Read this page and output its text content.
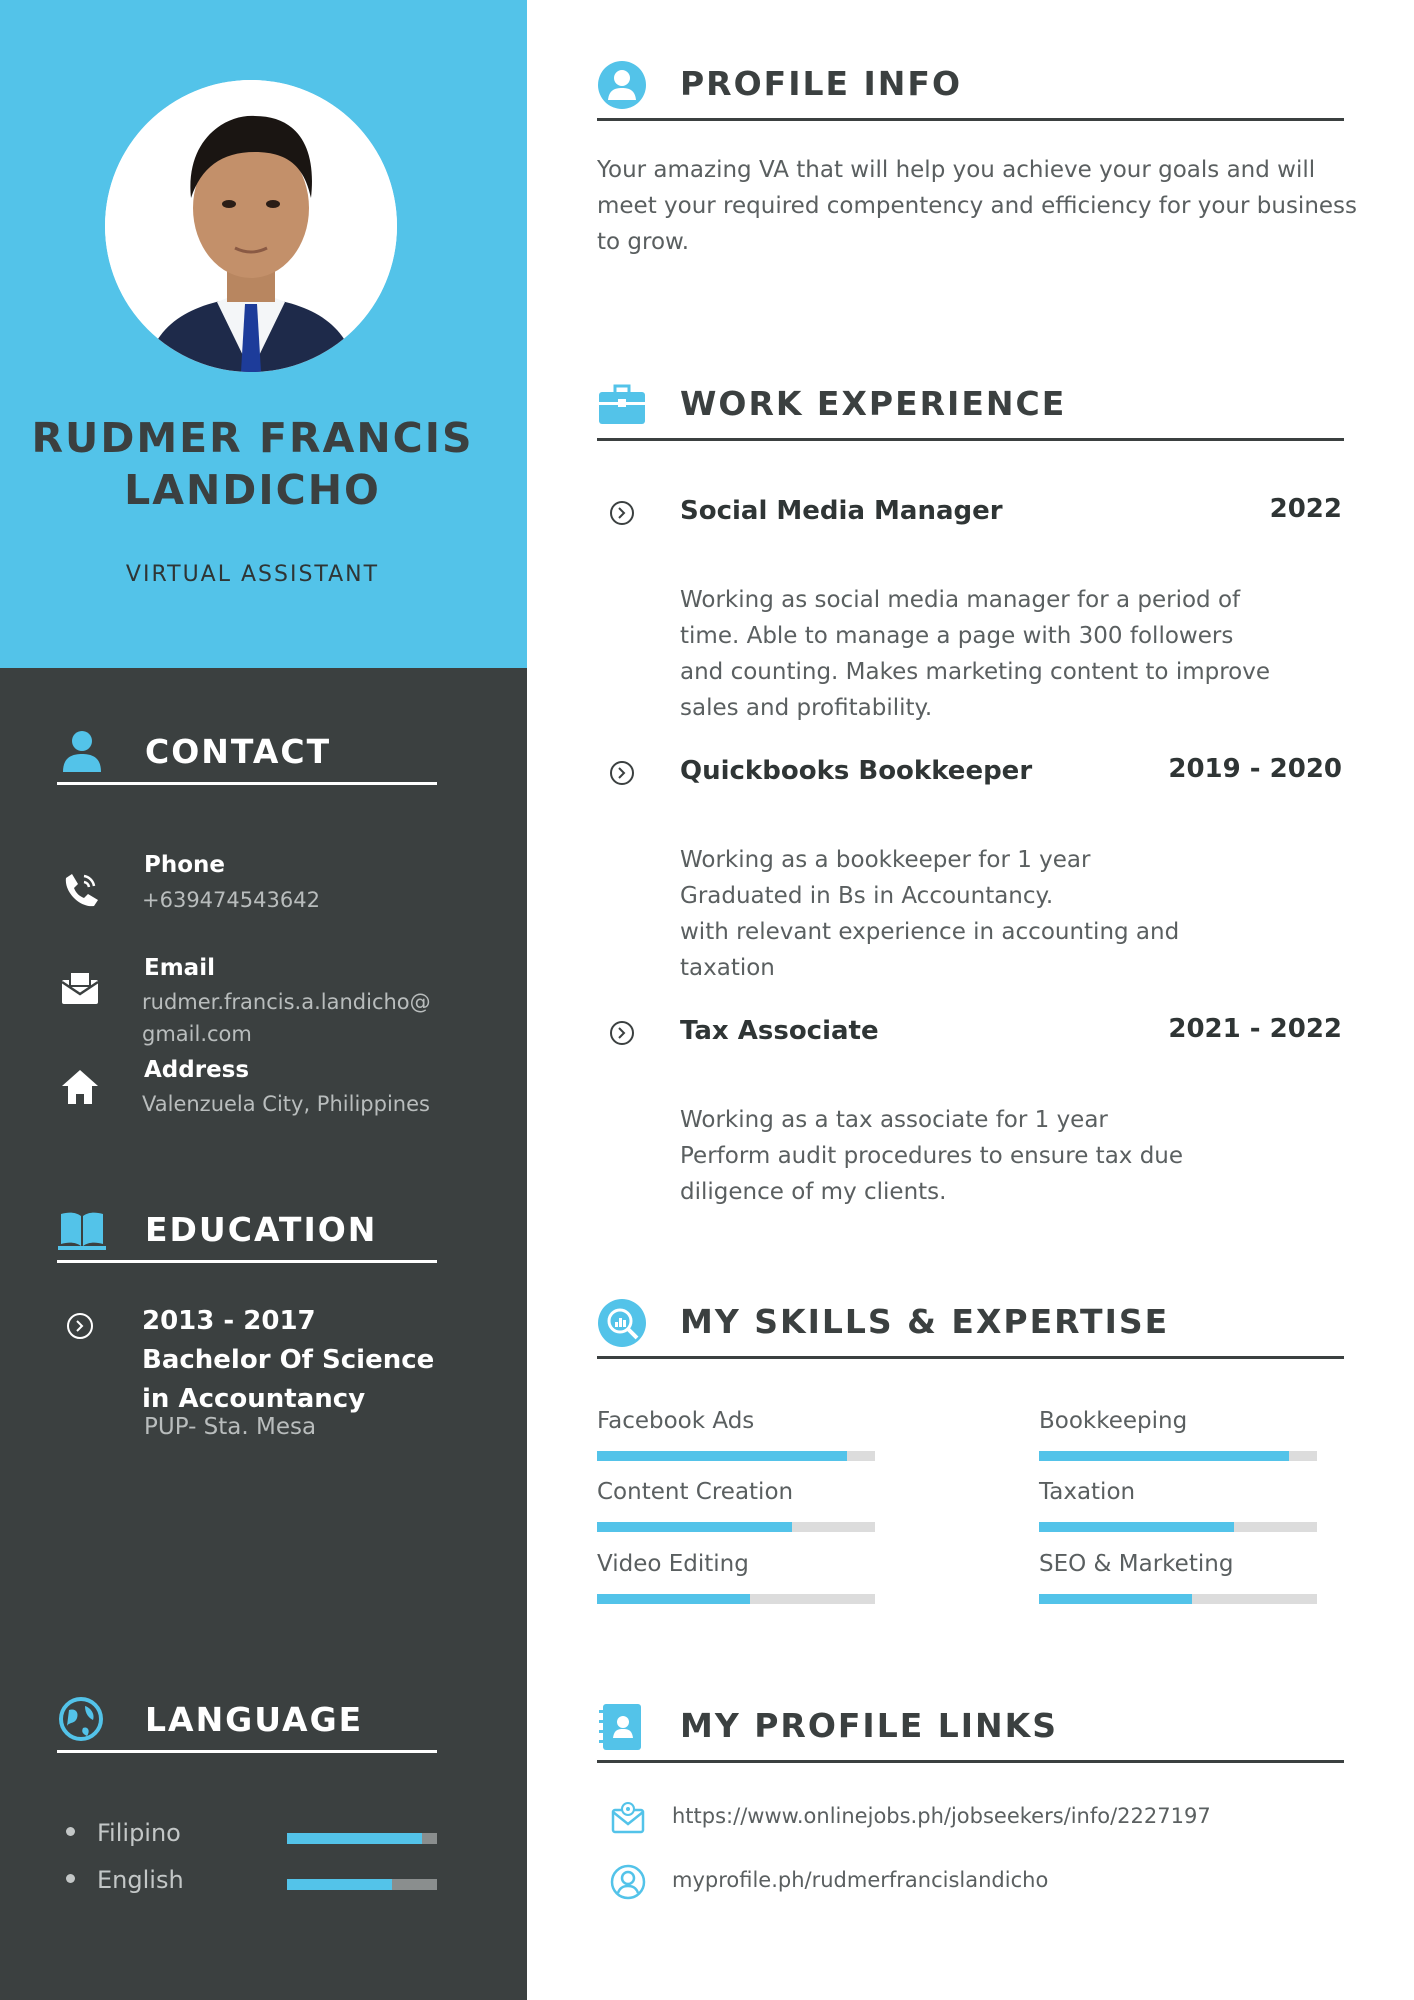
RUDMER FRANCIS
LANDICHO
VIRTUAL ASSISTANT
CONTACT
Phone
+639474543642
Email
rudmer.francis.a.landicho@
gmail.com
Address
Valenzuela City, Philippines
EDUCATION
2013 - 2017
Bachelor Of Science
in Accountancy
PUP- Sta. Mesa
LANGUAGE
Filipino
English
PROFILE INFO
Your amazing VA that will help you achieve your goals and will meet your required compentency and efficiency for your business to grow.
WORK EXPERIENCE
Social Media Manager	2022
Working as social media manager for a period of
time. Able to manage a page with 300 followers
and counting. Makes marketing content to improve
sales and profitability.
Quickbooks Bookkeeper	2019 - 2020
Working as a bookkeeper for 1 year
Graduated in Bs in Accountancy.
with relevant experience in accounting and
taxation
Tax Associate	2021 - 2022
Working as a tax associate for 1 year
Perform audit procedures to ensure tax due
diligence of my clients.
MY SKILLS & EXPERTISE
Facebook Ads	Bookkeeping
Content Creation	Taxation
Video Editing	SEO & Marketing
MY PROFILE LINKS
https://www.onlinejobs.ph/jobseekers/info/2227197
myprofile.ph/rudmerfrancislandicho
